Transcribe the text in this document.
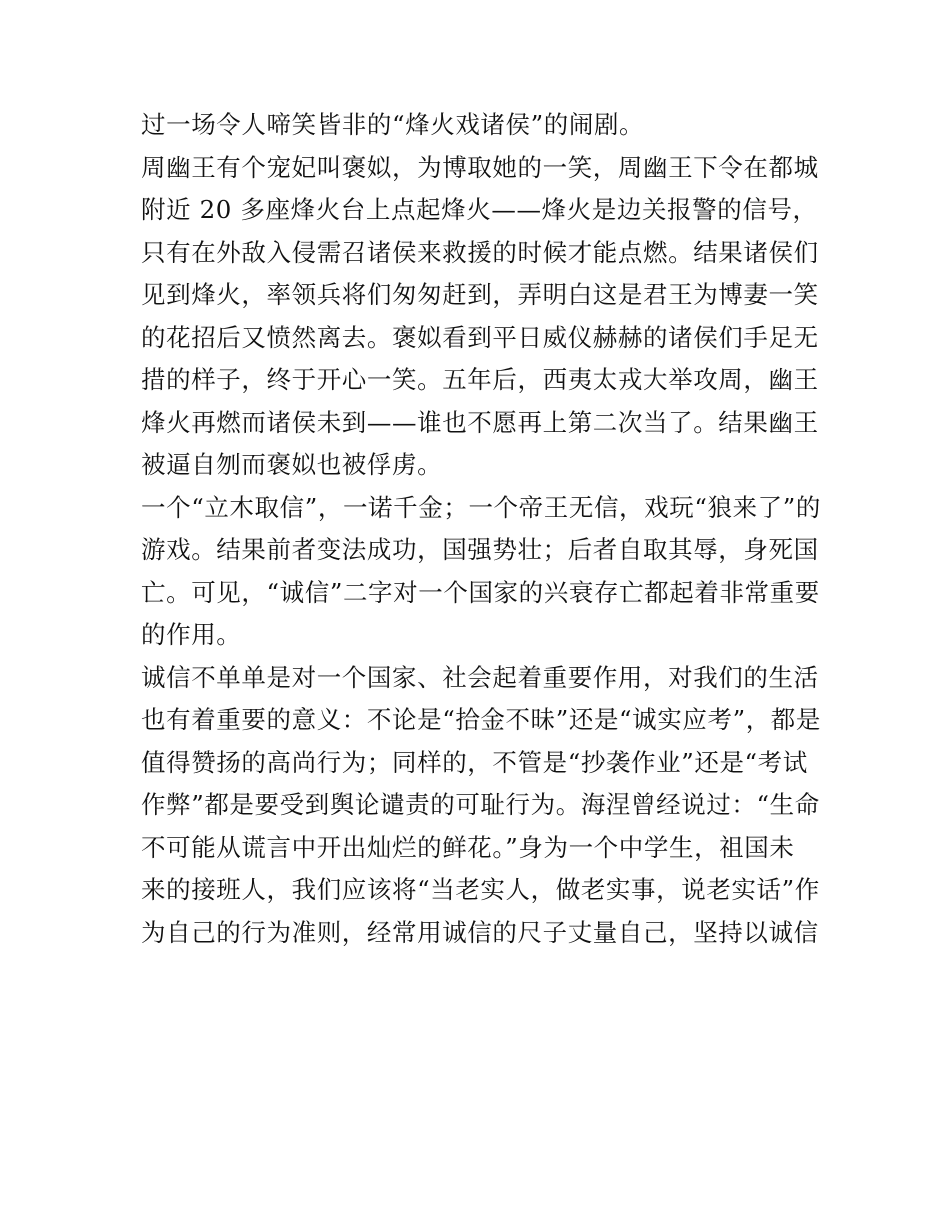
过一场令人啼笑皆非的“烽火戏诸侯”的闹剧。
周幽王有个宠妃叫褒姒，为博取她的一笑，周幽王下令在都城
附近 20 多座烽火台上点起烽火——烽火是边关报警的信号，
只有在外敌入侵需召诸侯来救援的时候才能点燃。结果诸侯们
见到烽火，率领兵将们匆匆赶到，弄明白这是君王为博妻一笑
的花招后又愤然离去。褒姒看到平日威仪赫赫的诸侯们手足无
措的样子，终于开心一笑。五年后，西夷太戎大举攻周，幽王
烽火再燃而诸侯未到——谁也不愿再上第二次当了。结果幽王
被逼自刎而褒姒也被俘虏。
一个“立木取信”，一诺千金；一个帝王无信，戏玩“狼来了”的
游戏。结果前者变法成功，国强势壮；后者自取其辱，身死国
亡。可见，“诚信”二字对一个国家的兴衰存亡都起着非常重要
的作用。
诚信不单单是对一个国家、社会起着重要作用，对我们的生活
也有着重要的意义：不论是“拾金不昧”还是“诚实应考”，都是
值得赞扬的高尚行为；同样的，不管是“抄袭作业”还是“考试
作弊”都是要受到舆论谴责的可耻行为。海涅曾经说过：“生命
不可能从谎言中开出灿烂的鲜花。”身为一个中学生，祖国未
来的接班人，我们应该将“当老实人，做老实事，说老实话”作
为自己的行为准则，经常用诚信的尺子丈量自己，坚持以诚信
